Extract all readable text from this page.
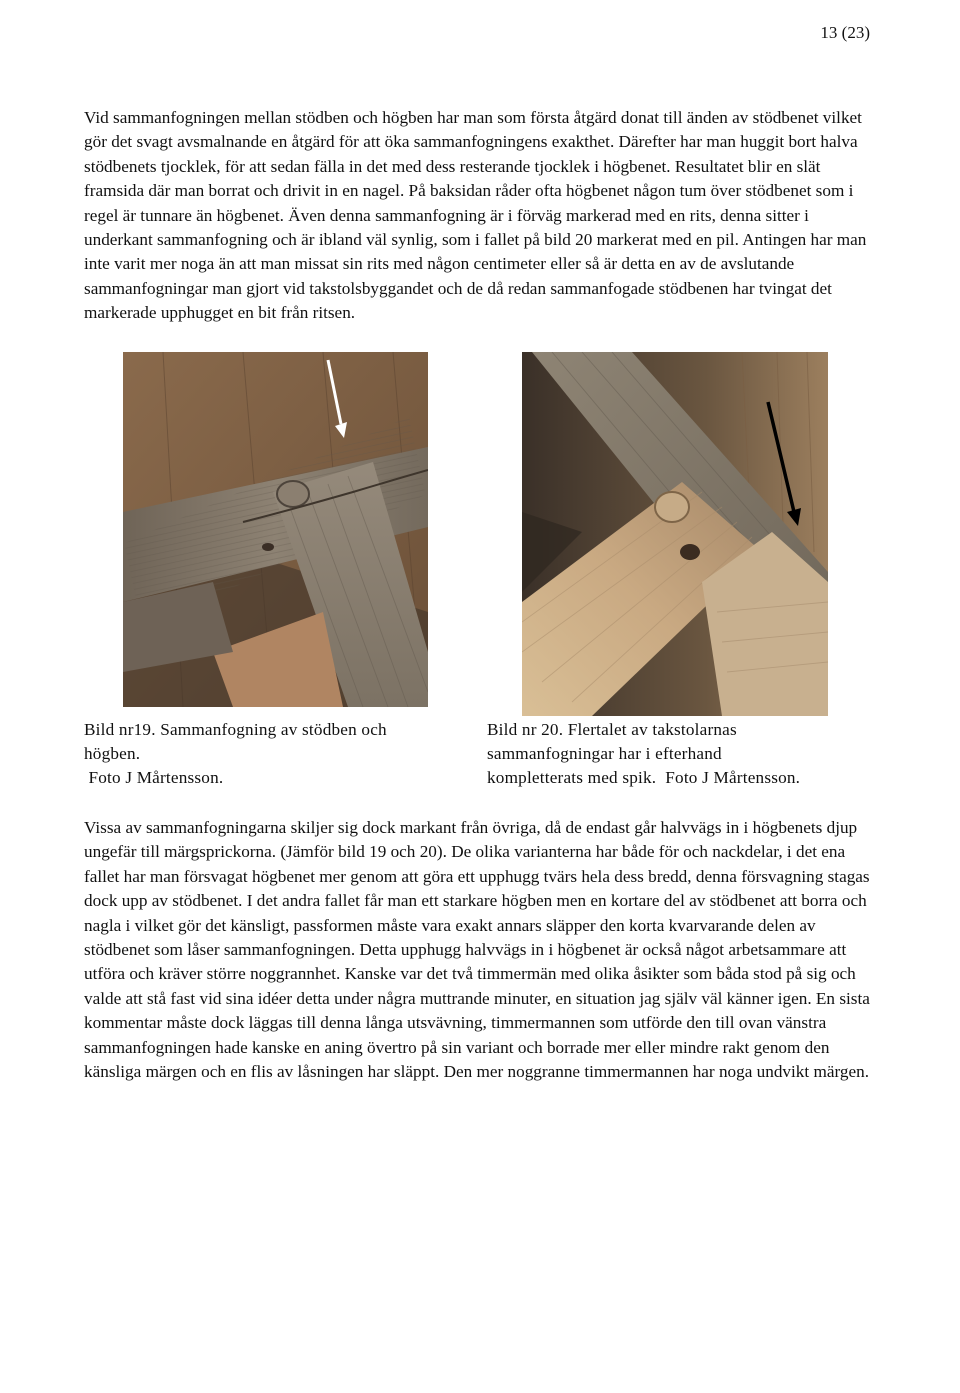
13 (23)

Vid sammanfogningen mellan stödben och högben har man som första åtgärd donat till änden av stödbenet vilket gör det svagt avsmalnande en åtgärd för att öka sammanfogningens exakthet. Därefter har man huggit bort halva stödbenets tjocklek, för att sedan fälla in det med dess resterande tjocklek i högbenet. Resultatet blir en slät framsida där man borrat och drivit in en nagel. På baksidan råder ofta högbenet någon tum över stödbenet som i regel är tunnare än högbenet. Även denna sammanfogning är i förväg markerad med en rits, denna sitter i underkant sammanfogning och är ibland väl synlig, som i fallet på bild 20 markerat med en pil. Antingen har man inte varit mer noga än att man missat sin rits med någon centimeter eller så är detta en av de avslutande sammanfogningar man gjort vid takstolsbyggandet och de då redan sammanfogade stödbenen har tvingat det markerade upphugget en bit från ritsen.

Bild nr19. Sammanfogning av stödben och
högben.
Foto J Mårtensson.

Bild nr 20. Flertalet av takstolarnas
sammanfogningar har i efterhand
kompletterats med spik.  Foto J Mårtensson.

Vissa av sammanfogningarna skiljer sig dock markant från övriga, då de endast går halvvägs in i högbenets djup ungefär till märgsprickorna. (Jämför bild 19 och 20). De olika varianterna har både för och nackdelar, i det ena fallet har man försvagat högbenet mer genom att göra ett upphugg tvärs hela dess bredd, denna försvagning stagas dock upp av stödbenet. I det andra fallet får man ett starkare högben men en kortare del av stödbenet att borra och nagla i vilket gör det känsligt, passformen måste vara exakt annars släpper den korta kvarvarande delen av stödbenet som låser sammanfogningen. Detta upphugg halvvägs in i högbenet är också något arbetsammare att utföra och kräver större noggrannhet. Kanske var det två timmermän med olika åsikter som båda stod på sig och valde att stå fast vid sina idéer detta under några muttrande minuter, en situation jag själv väl känner igen. En sista kommentar måste dock läggas till denna långa utsvävning, timmermannen som utförde den till ovan vänstra sammanfogningen hade kanske en aning övertro på sin variant och borrade mer eller mindre rakt genom den känsliga märgen och en flis av låsningen har släppt. Den mer noggranne timmermannen har noga undvikt märgen.
